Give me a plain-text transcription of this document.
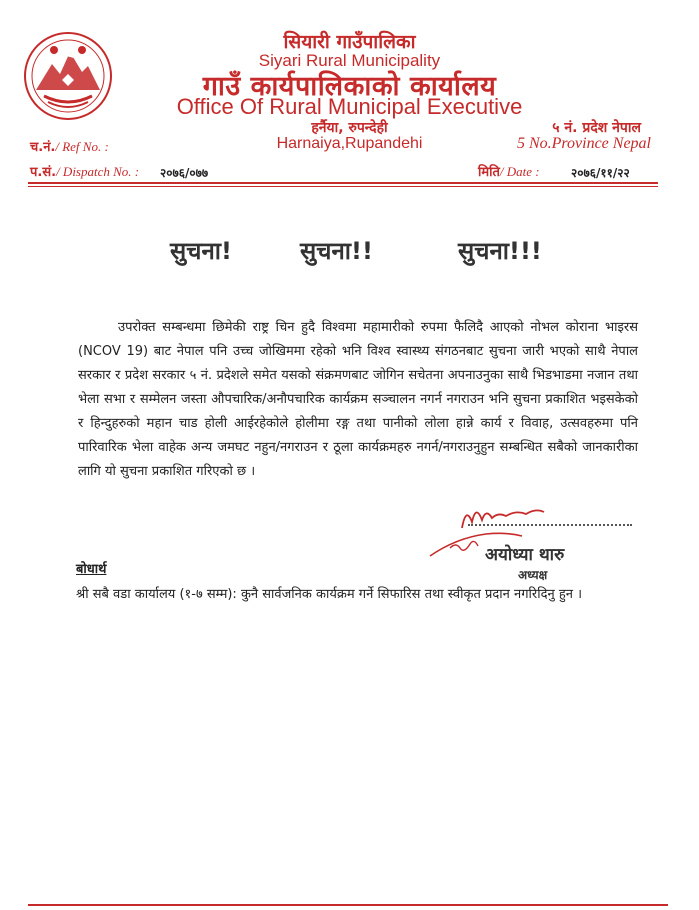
सियारी गाउँपालिका
Siyari Rural Municipality
गाउँ कार्यपालिकाको कार्यालय
Office Of Rural Municipal Executive
हर्नैया, रुपन्देही
Harnaiya,Rupandehi
५ नं. प्रदेश नेपाल
5 No.Province Nepal
च.नं./ Ref No. :
प.सं./ Dispatch No. : २०७६/०७७	मिति/ Date :	२०७६/११/२२
सुचना!	सुचना!!	सुचना!!!
उपरोक्त सम्बन्धमा छिमेकी राष्ट्र चिन हुदै विश्वमा महामारीको रुपमा फैलिदै आएको नोभल कोराना भाइरस (NCOV 19) बाट नेपाल पनि उच्च जोखिममा रहेको भनि विश्व स्वास्थ्य संगठनबाट सुचना जारी भएको साथै नेपाल सरकार र प्रदेश सरकार ५ नं. प्रदेशले समेत यसको संक्रमणबाट जोगिन सचेतना अपनाउनुका साथै भिडभाडमा नजान तथा भेला सभा र सम्मेलन जस्ता औपचारिक/अनौपचारिक कार्यक्रम सञ्चालन नगर्न नगराउन भनि सुचना प्रकाशित भइसकेको र हिन्दुहरुको महान चाड होली आईरहेकोले होलीमा रङ्ग तथा पानीको लोला हान्ने कार्य र विवाह, उत्सवहरुमा पनि पारिवारिक भेला वाहेक अन्य जमघट नहुन/नगराउन र ठूला कार्यक्रमहरु नगर्न/नगराउनुहुन सम्बन्धित सबैको जानकारीका लागि यो सुचना प्रकाशित गरिएको छ ।
अयोध्या थारु
अध्यक्ष
बोधार्थ
श्री सबै वडा कार्यालय (१-७ सम्म): कुनै सार्वजनिक कार्यक्रम गर्ने सिफारिस तथा स्वीकृत प्रदान नगरिदिनु हुन ।
